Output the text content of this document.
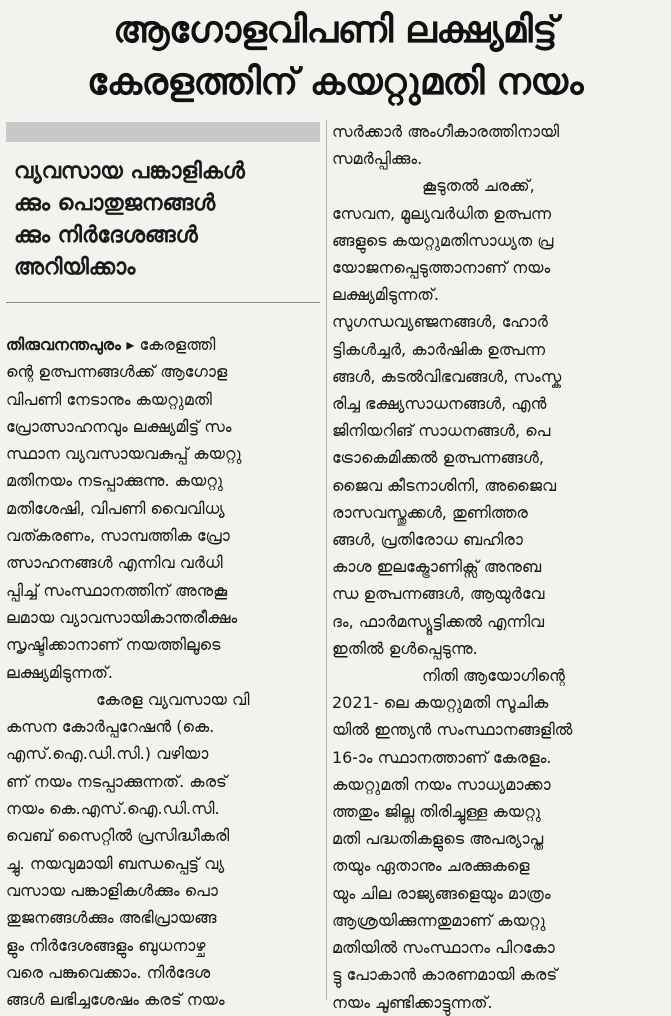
ആഗോളവിപണി ലക്ഷ്യമിട്ട്
കേരളത്തിന് കയറ്റുമതി നയം
വ്യവസായ പങ്കാളികൾ
ക്കും പൊതുജനങ്ങൾ
ക്കും നിർദേശങ്ങൾ
അറിയിക്കാം
തിരുവനന്തപുരം ▸ കേരളത്തി
ന്റെ ഉത്പന്നങ്ങൾക്ക് ആഗോള
വിപണി നേടാനും കയറ്റുമതി
പ്രോത്സാഹനവും ലക്ഷ്യമിട്ട് സം
സ്ഥാന വ്യവസായവകുപ്പ് കയറ്റു
മതിനയം നടപ്പാക്കുന്നു. കയറ്റു
മതിശേഷി, വിപണി വൈവിധ്യ
വത്കരണം, സാമ്പത്തിക പ്രോ
ത്സാഹനങ്ങൾ എന്നിവ വർധി
പ്പിച്ച് സംസ്ഥാനത്തിന് അനുകൂ
ലമായ വ്യാവസായികാന്തരീക്ഷം
സൃഷ്ടിക്കാനാണ് നയത്തിലൂടെ
ലക്ഷ്യമിടുന്നത്.
കേരള വ്യവസായ വി
കസന കോർപ്പറേഷൻ (കെ.
എസ്.ഐ.ഡി.സി.) വഴിയാ
ണ് നയം നടപ്പാക്കുന്നത്. കരട്
നയം കെ.എസ്.ഐ.ഡി.സി.
വെബ് സൈറ്റിൽ പ്രസിദ്ധീകരി
ച്ചു. നയവുമായി ബന്ധപ്പെട്ട് വ്യ
വസായ പങ്കാളികൾക്കും പൊ
തുജനങ്ങൾക്കും അഭിപ്രായങ്ങ
ളും നിർദേശങ്ങളും ബുധനാഴ്ച
വരെ പങ്കുവെക്കാം. നിർദേശ
ങ്ങൾ ലഭിച്ചശേഷം കരട് നയം
സർക്കാർ അംഗീകാരത്തിനായി
സമർപ്പിക്കും.
കൂടുതൽ ചരക്ക്,
സേവന, മൂല്യവർധിത ഉത്പന്ന
ങ്ങളുടെ കയറ്റുമതിസാധ്യത പ്ര
യോജനപ്പെടുത്താനാണ് നയം
ലക്ഷ്യമിടുന്നത്.
സുഗന്ധവ്യഞ്ജനങ്ങൾ, ഹോർ
ട്ടികൾച്ചർ, കാർഷിക ഉത്പന്ന
ങ്ങൾ, കടൽവിഭവങ്ങൾ, സംസ്ക
രിച്ച ഭക്ഷ്യസാധനങ്ങൾ, എൻ
ജിനിയറിങ് സാധനങ്ങൾ, പെ
ട്രോകെമിക്കൽ ഉത്പന്നങ്ങൾ,
ജൈവ കീടനാശിനി, അജൈവ
രാസവസ്തുക്കൾ, തുണിത്തര
ങ്ങൾ, പ്രതിരോധ ബഹിരാ
കാശ ഇലക്ട്രോണിക്സ് അനുബ
ന്ധ ഉത്പന്നങ്ങൾ, ആയുർവേ
ദം, ഫാർമസ്യൂട്ടിക്കൽ എന്നിവ
ഇതിൽ ഉൾപ്പെടുന്നു.
നിതി ആയോഗിന്റെ
2021- ലെ കയറ്റുമതി സൂചിക
യിൽ ഇന്ത്യൻ സംസ്ഥാനങ്ങളിൽ
16-ാം സ്ഥാനത്താണ് കേരളം.
കയറ്റുമതി നയം സാധ്യമാക്കാ
ത്തതും ജില്ല തിരിച്ചുള്ള കയറ്റു
മതി പദ്ധതികളുടെ അപര്യാപ്ത
തയും ഏതാനും ചരക്കുകളെ
യും ചില രാജ്യങ്ങളെയും മാത്രം
ആശ്രയിക്കുന്നതുമാണ് കയറ്റു
മതിയിൽ സംസ്ഥാനം പിറകോ
ട്ടു പോകാൻ കാരണമായി കരട്
നയം ചൂണ്ടിക്കാട്ടുന്നത്.
